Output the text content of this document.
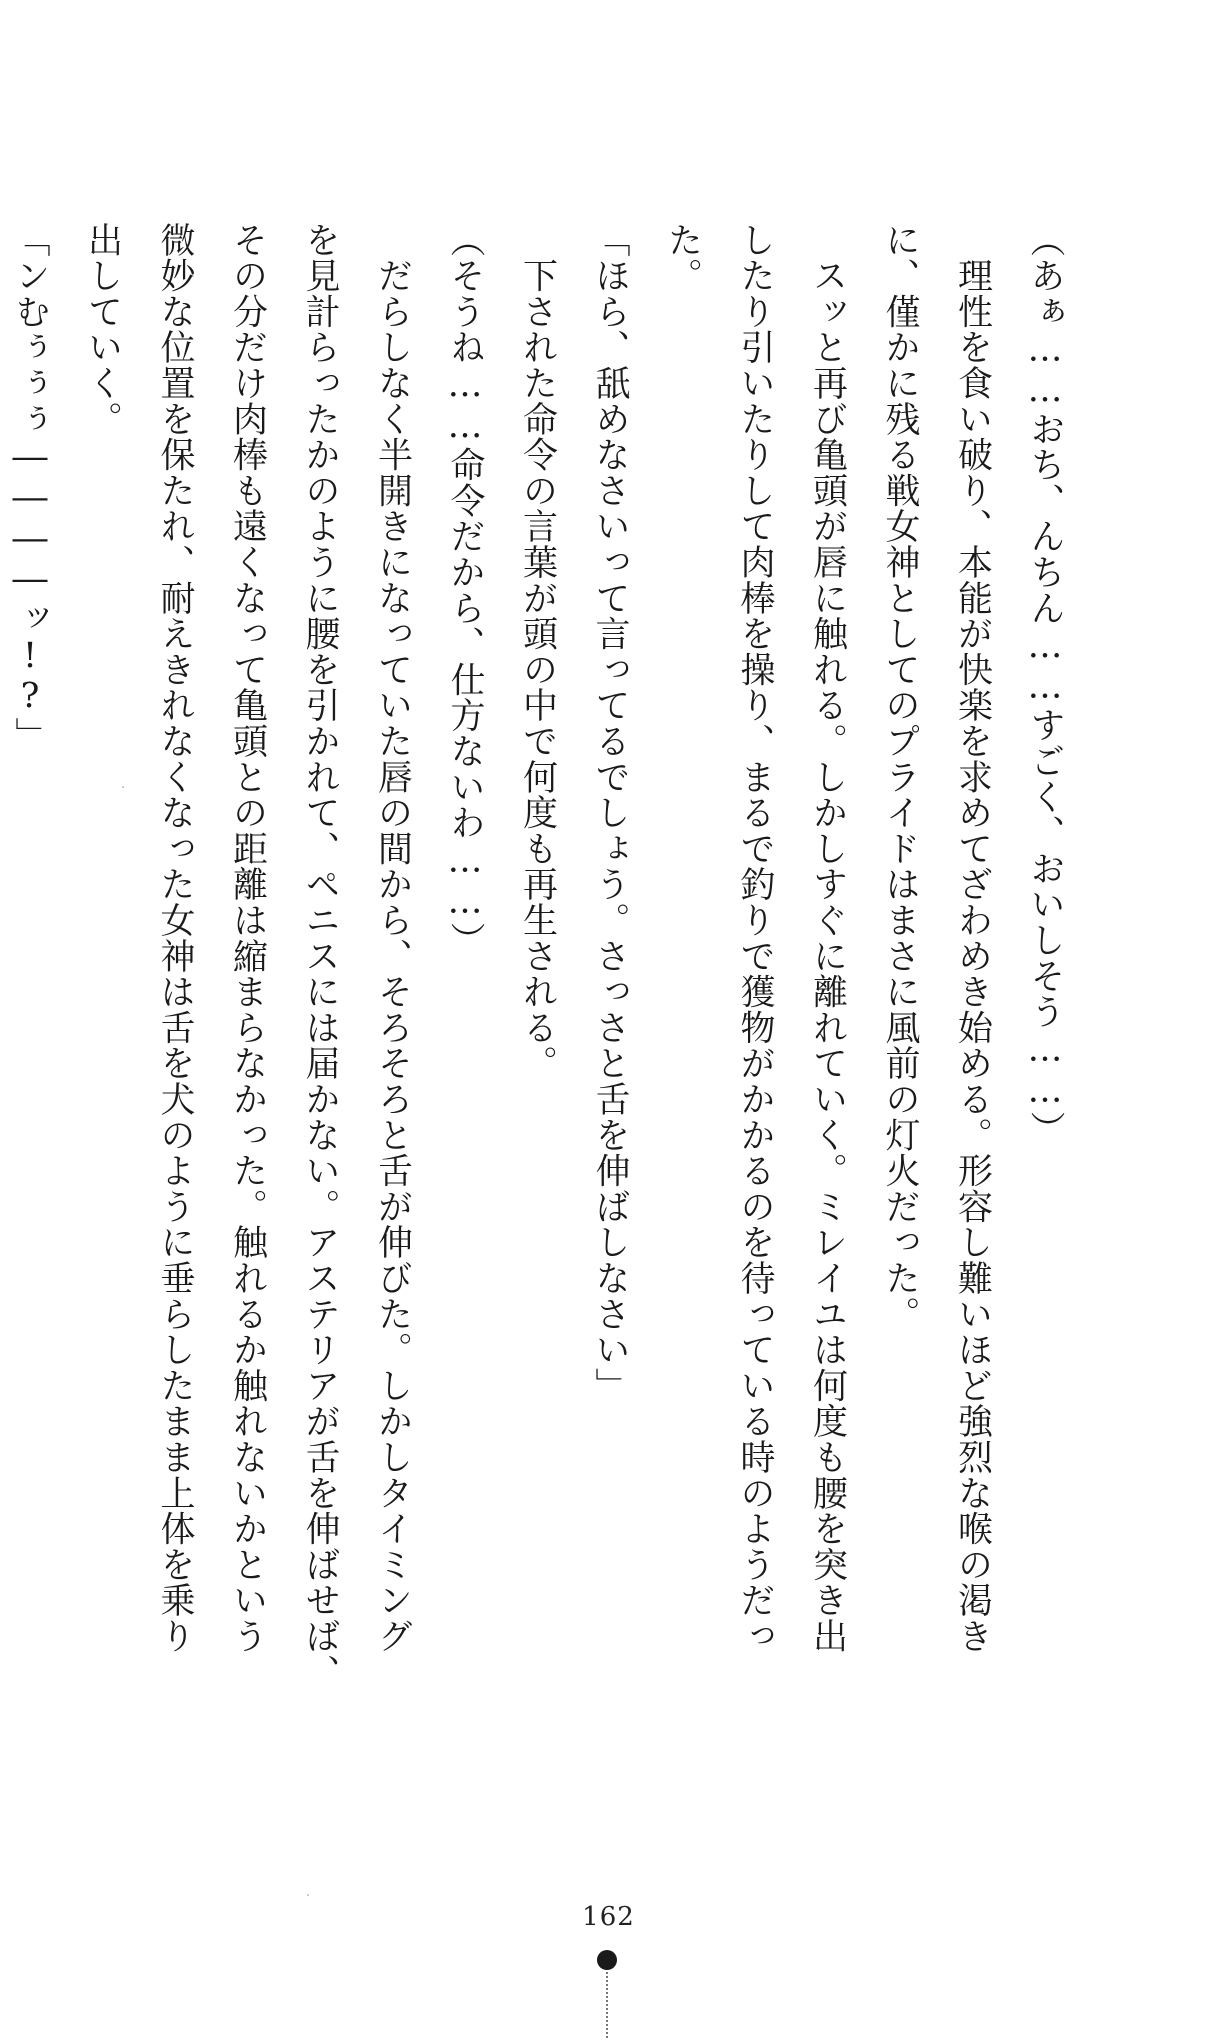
（あぁ……おち、んちん……すごく、おいしそう……）
　理性を食い破り、本能が快楽を求めてざわめき始める。形容し難いほど強烈な喉の渇き
に、僅かに残る戦女神としてのプライドはまさに風前の灯火だった。
　スッと再び亀頭が唇に触れる。しかしすぐに離れていく。ミレイユは何度も腰を突き出
したり引いたりして肉棒を操り、まるで釣りで獲物がかかるのを待っている時のようだっ
た。
「ほら、舐めなさいって言ってるでしょう。さっさと舌を伸ばしなさい」
　下された命令の言葉が頭の中で何度も再生される。
（そうね……命令だから、仕方ないわ……）
　だらしなく半開きになっていた唇の間から、そろそろと舌が伸びた。しかしタイミング
を見計らったかのように腰を引かれて、ペニスには届かない。アステリアが舌を伸ばせば、
その分だけ肉棒も遠くなって亀頭との距離は縮まらなかった。触れるか触れないかという
微妙な位置を保たれ、耐えきれなくなった女神は舌を犬のように垂らしたまま上体を乗り
出していく。
「ンむぅぅぅ――――ッ!?」
162
